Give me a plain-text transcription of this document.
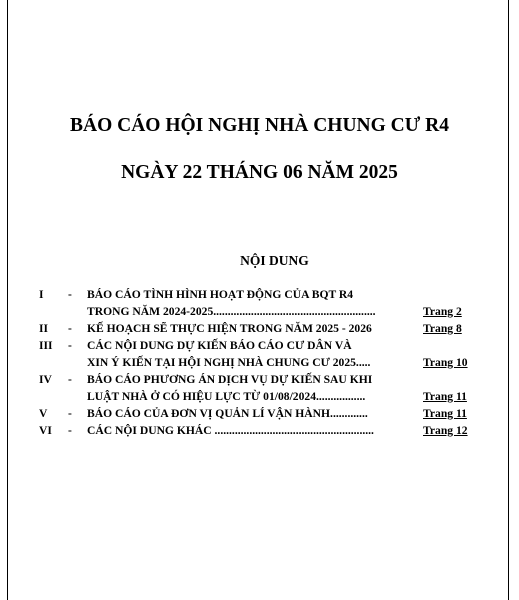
BÁO CÁO HỘI NGHỊ NHÀ CHUNG CƯ R4
NGÀY 22 THÁNG 06 NĂM 2025
NỘI DUNG
I - BÁO CÁO TÌNH HÌNH HOẠT ĐỘNG CỦA BQT R4
TRONG NĂM 2024-2025........................................................	Trang 2
II - KẾ HOẠCH SẼ THỰC HIỆN TRONG NĂM 2025 - 2026	Trang 8
III - CÁC NỘI DUNG DỰ KIẾN BÁO CÁO CƯ DÂN VÀ
XIN Ý KIẾN TẠI HỘI NGHỊ NHÀ CHUNG CƯ 2025.....	Trang 10
IV - BÁO CÁO PHƯƠNG ÁN DỊCH VỤ DỰ KIẾN SAU KHI
LUẬT NHÀ Ở CÓ HIỆU LỰC TỪ 01/08/2024.................	Trang 11
V - BÁO CÁO CỦA ĐƠN VỊ QUẢN LÍ VẬN HÀNH.............	Trang 11
VI - CÁC NỘI DUNG KHÁC .......................................................	Trang 12
